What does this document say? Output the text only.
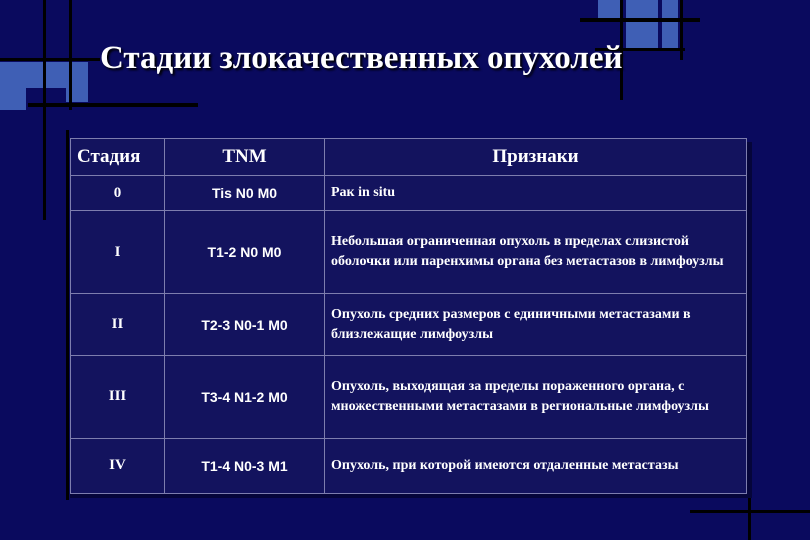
Стадии злокачественных опухолей
Стадия	TNM	Признаки
0	Tis N0 M0	Рак in situ
I	T1-2 N0 M0	Небольшая ограниченная опухоль в пределах слизистой оболочки или паренхимы органа без метастазов в лимфоузлы
II	T2-3 N0-1 M0	Опухоль средних размеров с единичными метастазами в близлежащие лимфоузлы
III	T3-4 N1-2 M0	Опухоль, выходящая за пределы пораженного органа, с множественными метастазами в регионaльные лимфоузлы
IV	T1-4 N0-3 M1	Опухоль, при которой имеются отдаленные метастазы
